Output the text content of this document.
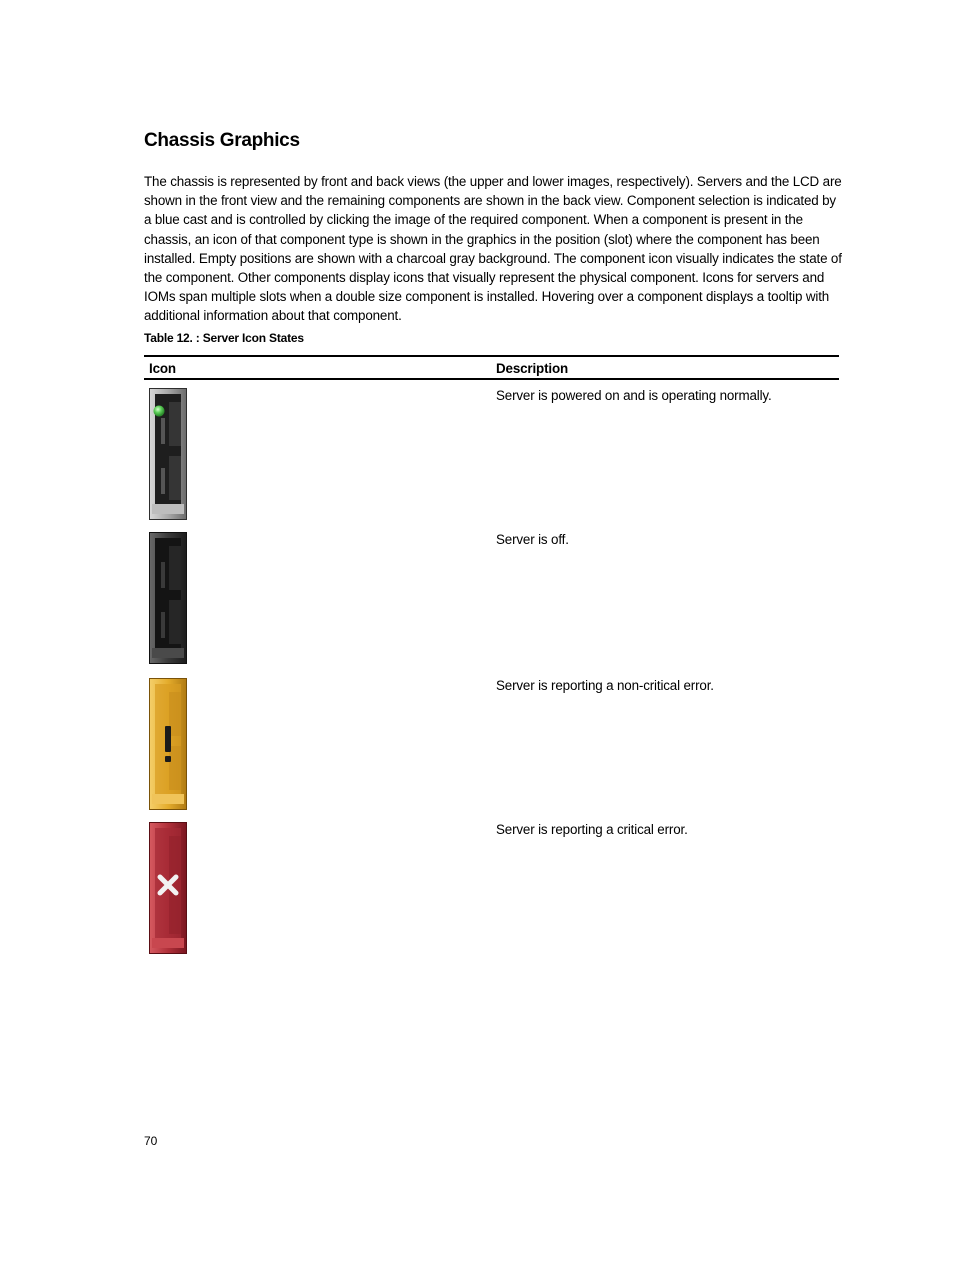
Chassis Graphics

The chassis is represented by front and back views (the upper and lower images, respectively). Servers and the LCD are shown in the front view and the remaining components are shown in the back view. Component selection is indicated by a blue cast and is controlled by clicking the image of the required component. When a component is present in the chassis, an icon of that component type is shown in the graphics in the position (slot) where the component has been installed. Empty positions are shown with a charcoal gray background. The component icon visually indicates the state of the component. Other components display icons that visually represent the physical component. Icons for servers and IOMs span multiple slots when a double size component is installed. Hovering over a component displays a tooltip with additional information about that component.

Table 12. : Server Icon States

Icon	Description
Server is powered on and is operating normally.
Server is off.
Server is reporting a non-critical error.
Server is reporting a critical error.
70
